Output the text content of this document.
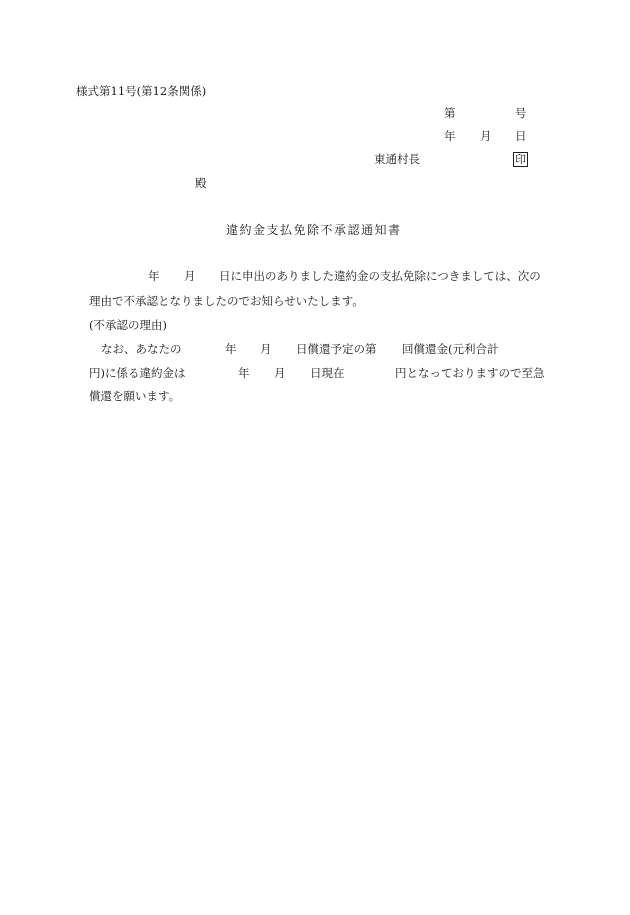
様式第11号(第12条関係)
第	号
年 月 日
東通村長	印
殿
違約金支払免除不承認通知書
年 月 日に申出のありました違約金の支払免除につきましては、次の
理由で不承認となりましたのでお知らせいたします。
(不承認の理由)
なお、あなたの	年 月 日償還予定の第 回償還金(元利合計
円)に係る違約金は	年 月 日現在	円となっておりますので至急
償還を願います。
